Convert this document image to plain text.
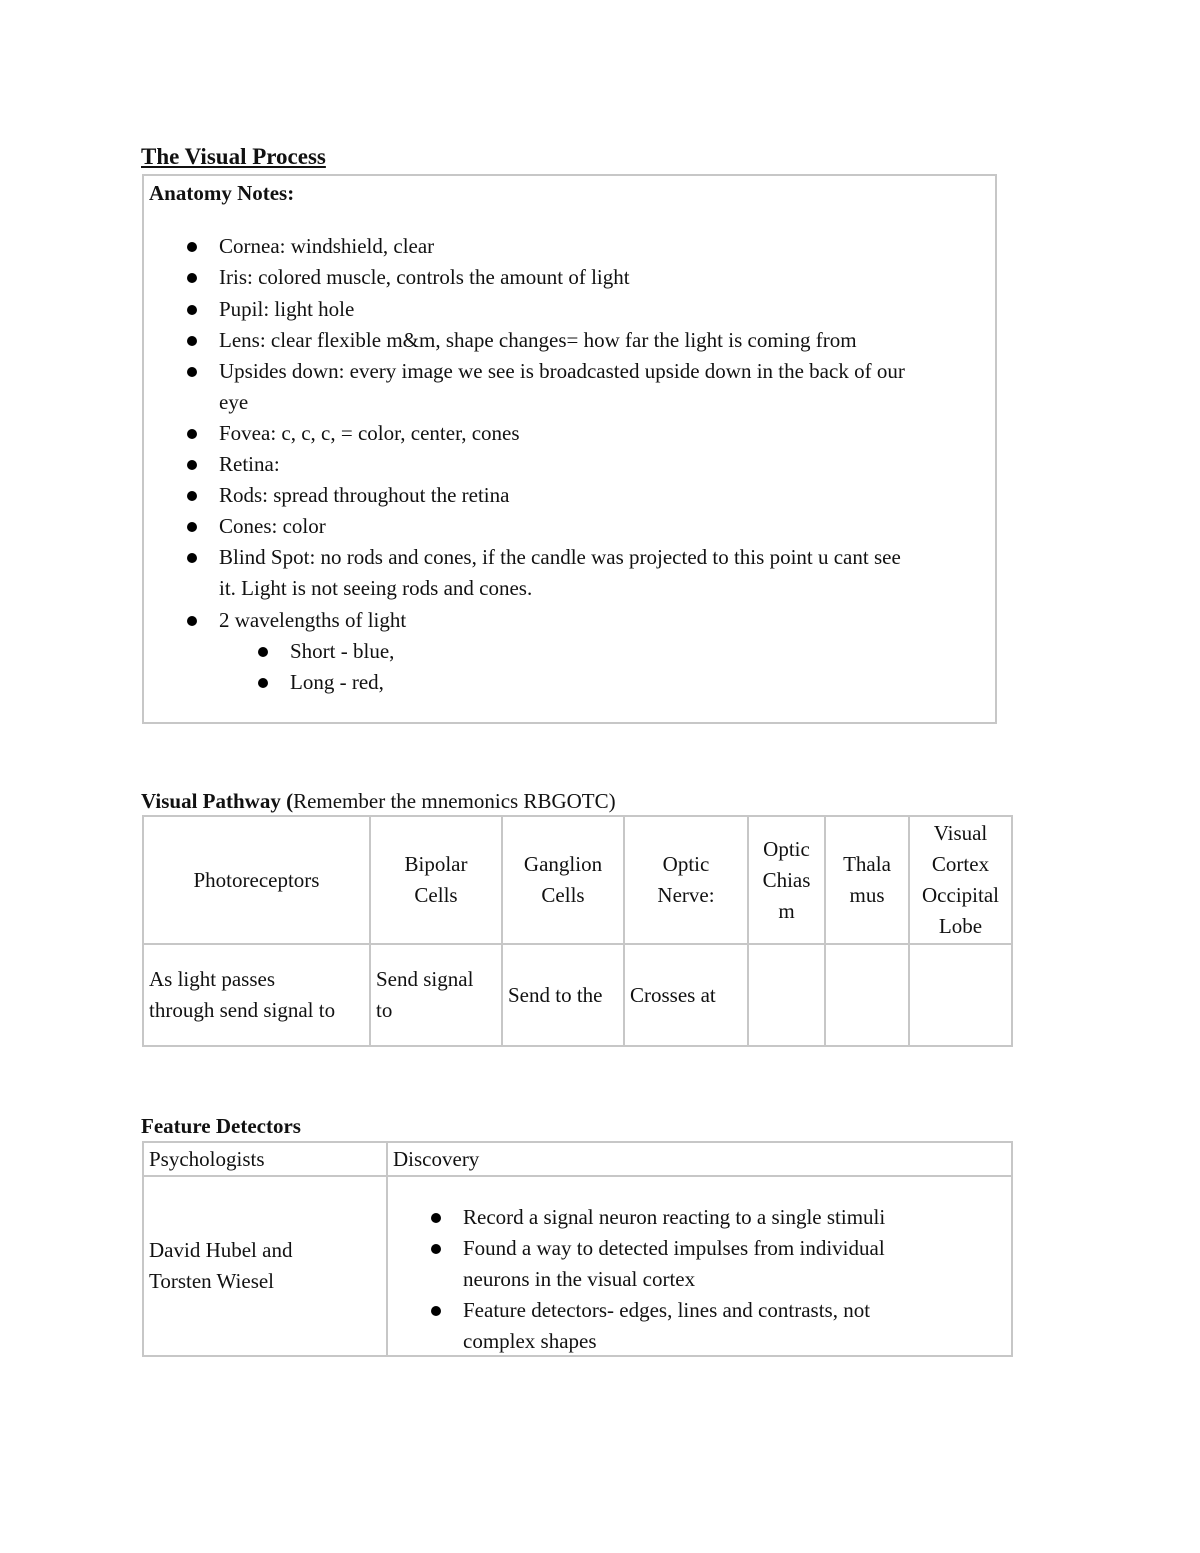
The Visual Process
Anatomy Notes:
Cornea: windshield, clear
Iris: colored muscle, controls the amount of light
Pupil: light hole
Lens: clear flexible m&m, shape changes= how far the light is coming from
Upsides down: every image we see is broadcasted upside down in the back of our
eye
Fovea: c, c, c, = color, center, cones
Retina:
Rods: spread throughout the retina
Cones: color
Blind Spot: no rods and cones, if the candle was projected to this point u cant see
it. Light is not seeing rods and cones.
2 wavelengths of light
Short - blue,
Long - red,
Visual Pathway (Remember the mnemonics RBGOTC)
Photoreceptors
Bipolar
Cells
Ganglion
Cells
Optic
Nerve:
Optic
Chias
m
Thala
mus
Visual
Cortex
Occipital
Lobe
As light passes
through send signal to
Send signal
to
Send to the Crosses at
Feature Detectors
Psychologists	Discovery
David Hubel and
Torsten Wiesel
Record a signal neuron reacting to a single stimuli
Found a way to detected impulses from individual
neurons in the visual cortex
Feature detectors- edges, lines and contrasts, not
complex shapes
